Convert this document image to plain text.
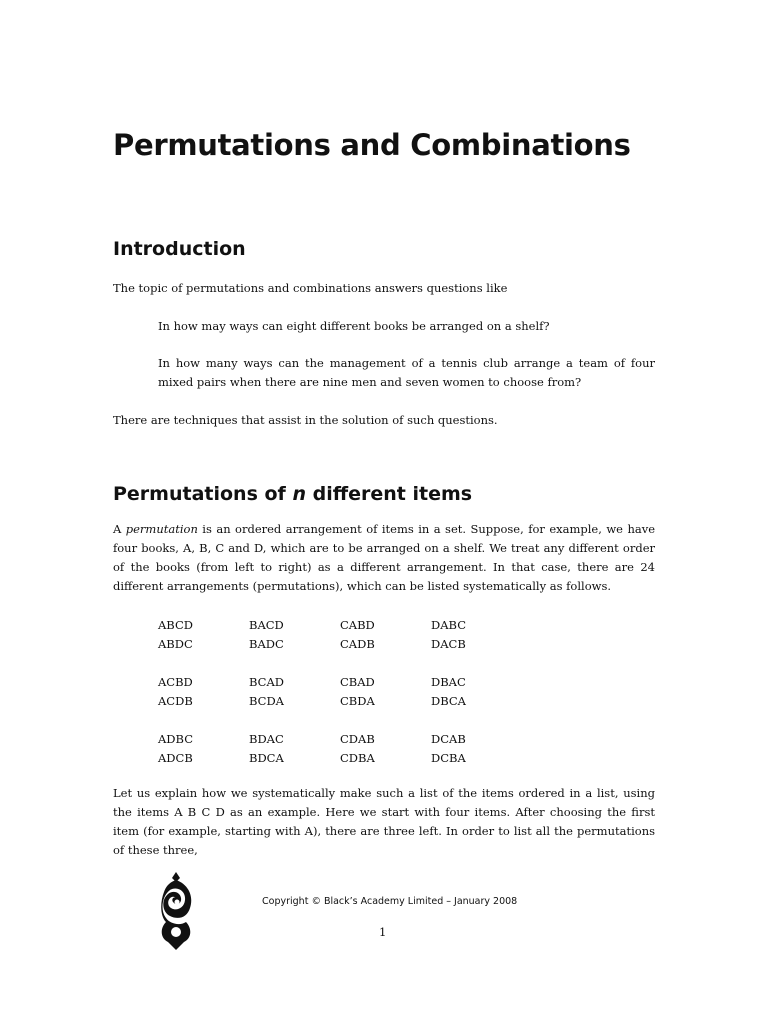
Permutations and Combinations
Introduction

The topic of permutations and combinations answers questions like

In how may ways can eight different books be arranged on a shelf?

In how many ways can the management of a tennis club arrange a team of four mixed pairs when there are nine men and seven women to choose from?

There are techniques that assist in the solution of such questions.

Permutations of n different items

A permutation is an ordered arrangement of items in a set. Suppose, for example, we have four books, A, B, C and D, which are to be arranged on a shelf. We treat any different order of the books (from left to right) as a different arrangement. In that case, there are 24 different arrangements (permutations), which can be listed systematically as follows.

ABCD	BACD	CABD	DABC
ABDC	BADC	CADB	DACB

ACBD	BCAD	CBAD	DBAC
ACDB	BCDA	CBDA	DBCA

ADBC	BDAC	CDAB	DCAB
ADCB	BDCA	CDBA	DCBA

Let us explain how we systematically make such a list of the items ordered in a list, using the items A B C D as an example. Here we start with four items. After choosing the first item (for example, starting with A), there are three left. In order to list all the permutations of these three,

Copyright © Black’s Academy Limited – January 2008

1
